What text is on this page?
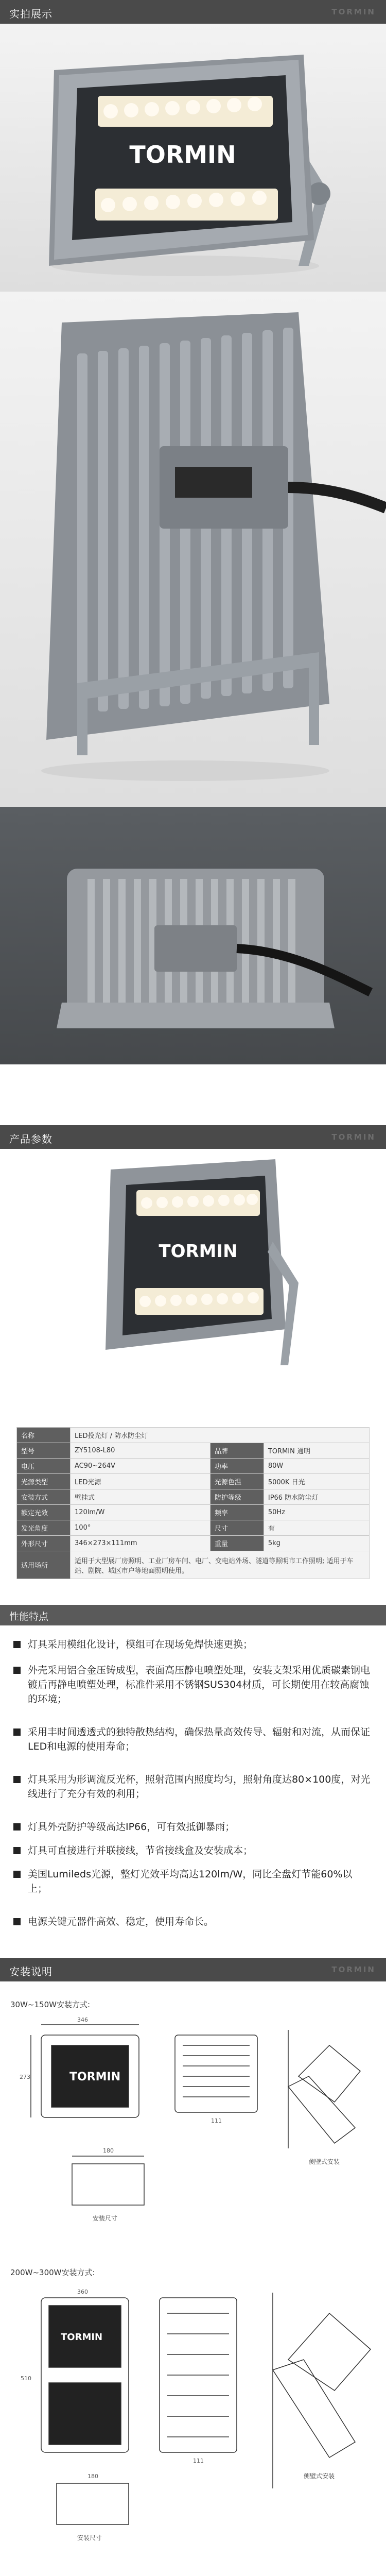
实拍展示	TORMIN
TORMIN
产品参数	TORMIN
TORMIN
名称	LED投光灯 / 防水防尘灯		
型号	ZY5108-L80	品牌	TORMIN 通明
电压	AC90~264V	功率	80W
光源类型	LED光源	光源色温	5000K 日光
安装方式	壁挂式	防护等级	IP66 防水防尘灯
额定光效	120lm/W	频率	50Hz
发光角度	100°	尺寸	有
外形尺寸	346×273×111mm	重量	5kg
适用场所	适用于大型展厂房照明、工业厂房车间、电厂、变电站外场、隧道等照明市工作照明; 适用于车站、剧院、城区市户等地面照明使用。		
性能特点
灯具采用模组化设计，模组可在现场免焊快速更换；
外壳采用铝合金压铸成型，表面高压静电喷塑处理，安装支架采用优质碳素钢电镀后再静电喷塑处理，标准件采用不锈钢SUS304材质，可长期使用在较高腐蚀的环境；
采用丰时间透透式的独特散热结构，确保热量高效传导、辐射和对流，从而保证LED和电源的使用寿命；
灯具采用为形调流反光杯，照射范围内照度均匀，照射角度达80×100度，对光线进行了充分有效的利用；
灯具外壳防护等级高达IP66，可有效抵御暴雨；
灯具可直接进行并联接线，节省接线盒及安装成本；
美国Lumileds光源，整灯光效平均高达120lm/W，同比全盘灯节能60%以上；
电源关键元器件高效、稳定，使用寿命长。
安装说明	TORMIN
30W~150W安装方式:
TORMIN
346
273
111
180
安装尺寸
侧壁式安装
200W~300W安装方式:
TORMIN
360
510
111
180
安装尺寸
侧壁式安装
